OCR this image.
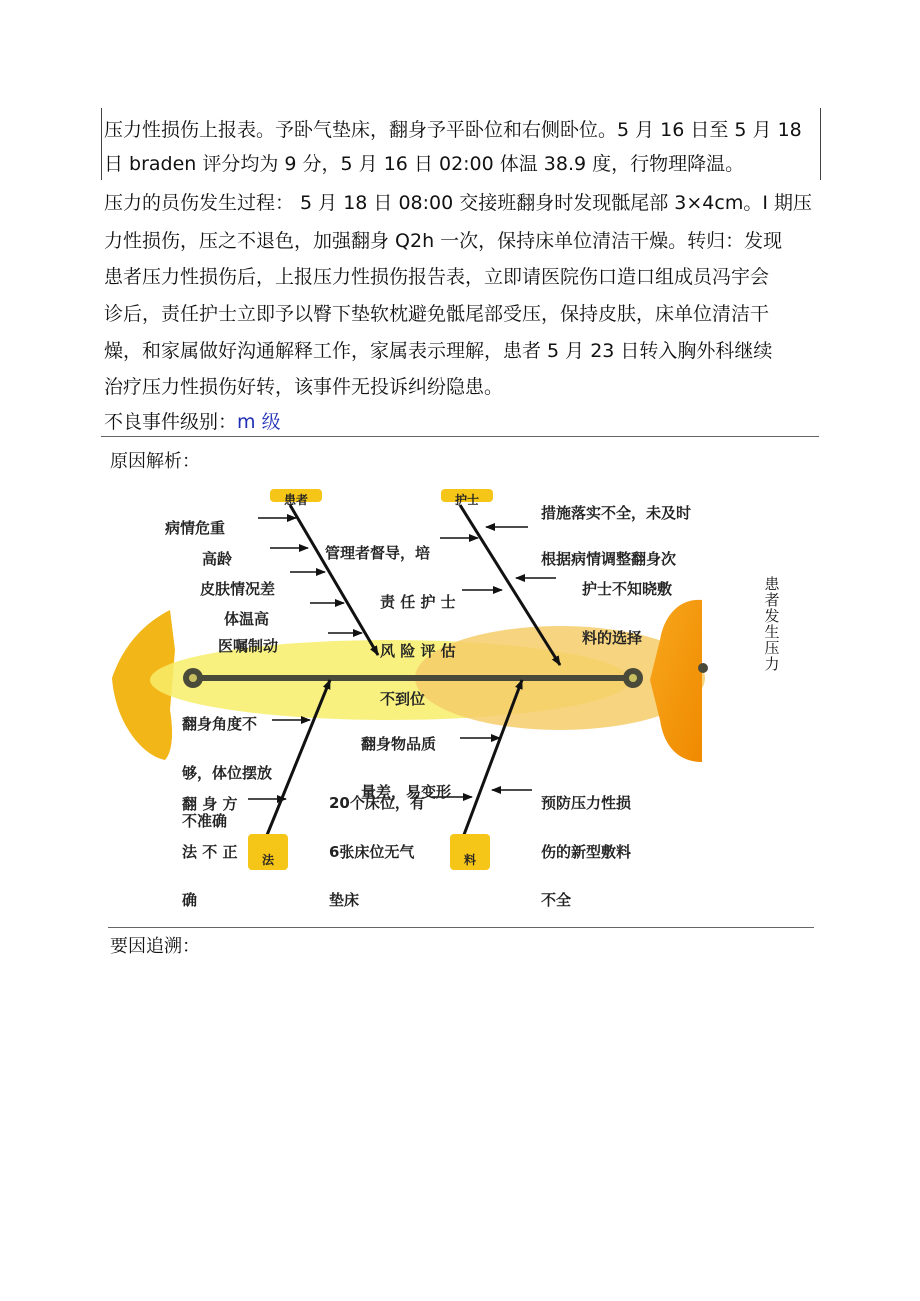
压力性损伤上报表。予卧气垫床，翻身予平卧位和右侧卧位。5 月 16 日至 5 月 18
日 braden 评分均为 9 分，5 月 16 日 02:00 体温 38.9 度，行物理降温。
压力的员伤发生过程： 5 月 18 日 08:00 交接班翻身时发现骶尾部 3×4cm。I 期压
力性损伤，压之不退色，加强翻身 Q2h 一次，保持床单位清洁干燥。转归：发现
患者压力性损伤后，上报压力性损伤报告表，立即请医院伤口造口组成员冯宇会
诊后，责任护士立即予以臀下垫软枕避免骶尾部受压，保持皮肤，床单位清洁干
燥，和家属做好沟通解释工作，家属表示理解，患者 5 月 23 日转入胸外科继续
治疗压力性损伤好转，该事件无投诉纠纷隐患。
不良事件级别：m 级
原因解析：
患者	护士
法	料
病情危重
高龄
皮肤情况差
体温高
医嘱制动
管理者督导，培
责 任 护 士
风 险 评 估
不到位
措施落实不全，未及时
根据病情调整翻身次
护士不知晓敷
料的选择
翻身角度不
够，体位摆放
翻 身 方
不准确
法 不 正
确
翻身物品质
量差，易变形
20个床位，有
6张床位无气
垫床
预防压力性损
伤的新型敷料
不全
患
者
发
生
压
力
要因追溯：
